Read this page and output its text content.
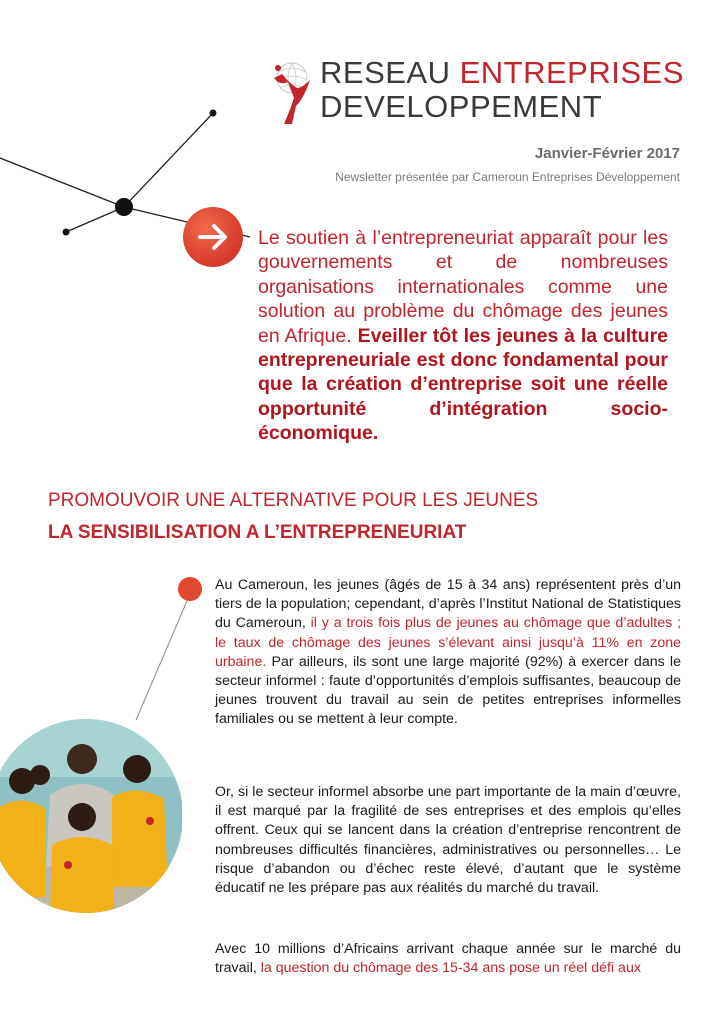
RESEAU ENTREPRISES
DEVELOPPEMENT
Janvier-Février 2017
Newsletter présentée par Cameroun Entreprises Développement
Le soutien à l’entrepreneuriat apparaît pour les gouvernements et de nombreuses organisations internationales comme une solution au problème du chômage des jeunes en Afrique. Eveiller tôt les jeunes à la culture entrepreneuriale est donc fondamental pour que la création d’entreprise soit une réelle opportunité d’intégration socio-économique.
PROMOUVOIR UNE ALTERNATIVE POUR LES JEUNES
LA SENSIBILISATION A L’ENTREPRENEURIAT
Au Cameroun, les jeunes (âgés de 15 à 34 ans) représentent près d’un tiers de la population; cependant, d’après l’Institut National de Statistiques du Cameroun, il y a trois fois plus de jeunes au chômage que d’adultes ; le taux de chômage des jeunes s’élevant ainsi jusqu’à 11% en zone urbaine. Par ailleurs, ils sont une large majorité (92%) à exercer dans le secteur informel : faute d’opportunités d’emplois suffisantes, beaucoup de jeunes trouvent du travail au sein de petites entreprises informelles familiales ou se mettent à leur compte.
Or, si le secteur informel absorbe une part importante de la main d’œuvre, il est marqué par la fragilité de ses entreprises et des emplois qu’elles offrent. Ceux qui se lancent dans la création d’entreprise rencontrent de nombreuses difficultés financières, administratives ou personnelles… Le risque d’abandon ou d’échec reste élevé, d’autant que le système éducatif ne les prépare pas aux réalités du marché du travail.
Avec 10 millions d’Africains arrivant chaque année sur le marché du travail, la question du chômage des 15-34 ans pose un réel défi aux
